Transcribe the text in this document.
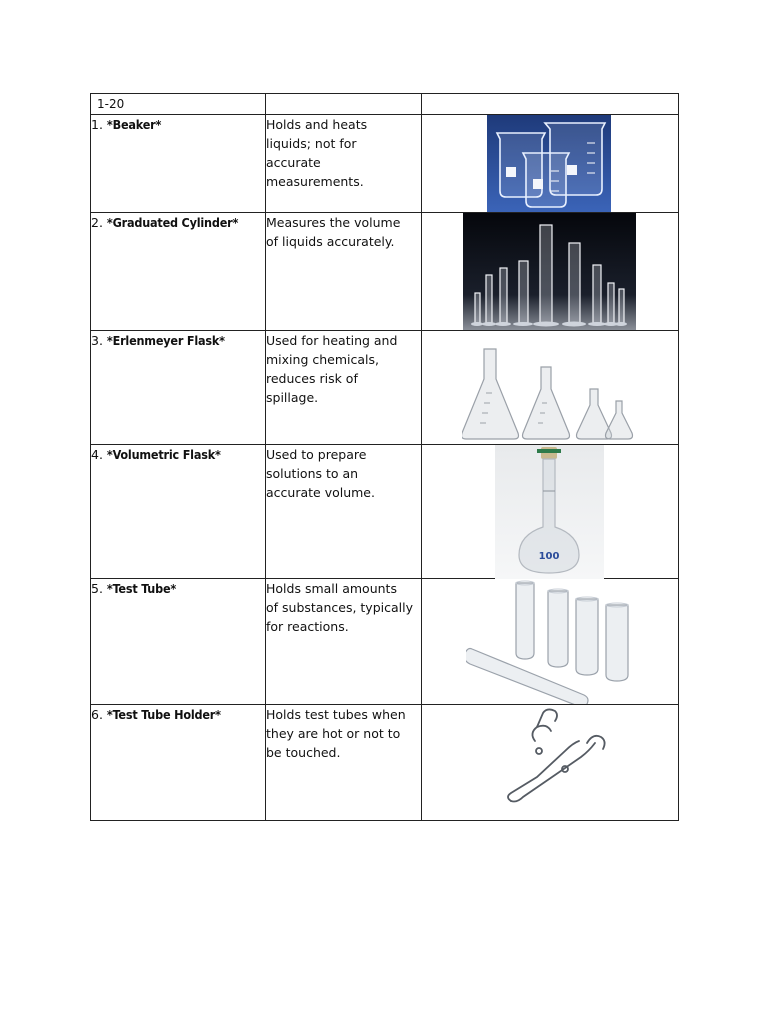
1-20		
1. *Beaker*	Holds and heats
liquids; not for
accurate
measurements.

2. *Graduated Cylinder*	Measures the volume
of liquids accurately.

3. *Erlenmeyer Flask*	Used for heating and
mixing chemicals,
reduces risk of
spillage.

4. *Volumetric Flask*	Used to prepare
solutions to an
accurate volume.	100

5. *Test Tube*	Holds small amounts
of substances, typically
for reactions.

6. *Test Tube Holder*	Holds test tubes when
they are hot or not to
be touched.
